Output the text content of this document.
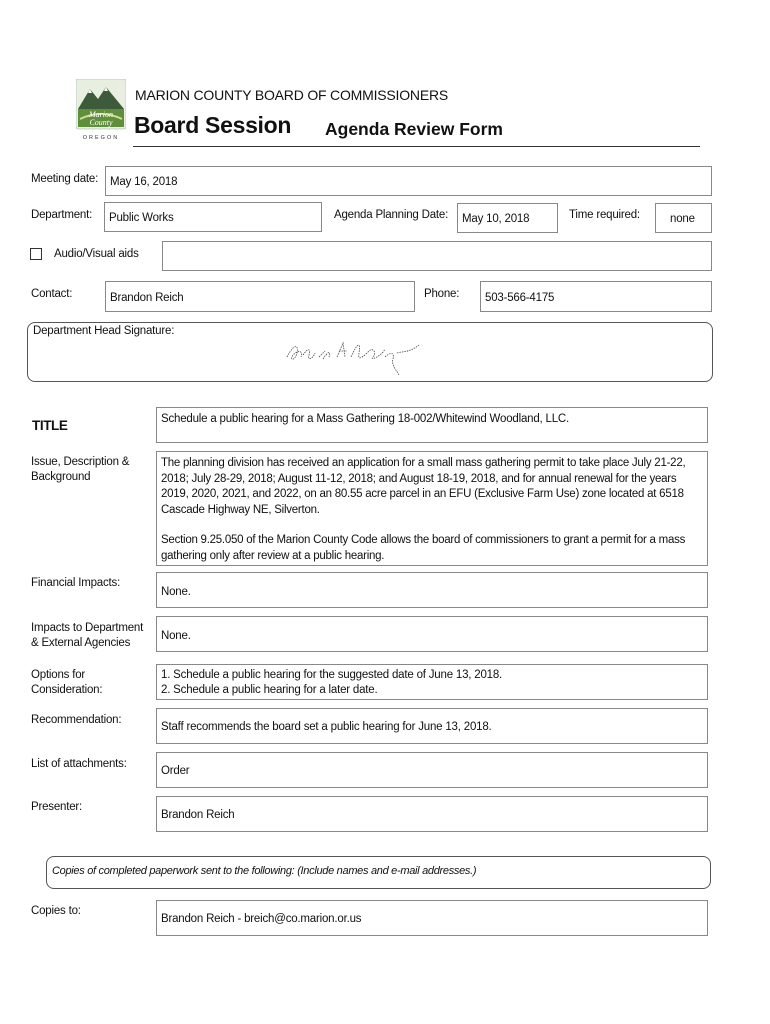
Marion
County
OREGON
MARION COUNTY BOARD OF COMMISSIONERS
Board Session Agenda Review Form
Meeting date:	May 16, 2018
Department:	Public Works	Agenda Planning Date:	May 10, 2018	Time required:	none
Audio/Visual aids
Contact:	Brandon Reich	Phone:	503-566-4175
Department Head Signature:
TITLE	Schedule a public hearing for a Mass Gathering 18-002/Whitewind Woodland, LLC.
Issue, Description &
Background
The planning division has received an application for a small mass gathering permit to take place July 21-22, 2018; July 28-29, 2018; August 11-12, 2018; and August 18-19, 2018, and for annual renewal for the years 2019, 2020, 2021, and 2022, on an 80.55 acre parcel in an EFU (Exclusive Farm Use) zone located at 6518 Cascade Highway NE, Silverton.
Section 9.25.050 of the Marion County Code allows the board of commissioners to grant a permit for a mass gathering only after review at a public hearing.
Financial Impacts:
None.
Impacts to Department
& External Agencies
None.
Options for
Consideration:
1. Schedule a public hearing for the suggested date of June 13, 2018.
2. Schedule a public hearing for a later date.
Recommendation:
Staff recommends the board set a public hearing for June 13, 2018.
List of attachments:
Order
Presenter:
Brandon Reich
Copies of completed paperwork sent to the following: (Include names and e-mail addresses.)
Copies to:
Brandon Reich - breich@co.marion.or.us
